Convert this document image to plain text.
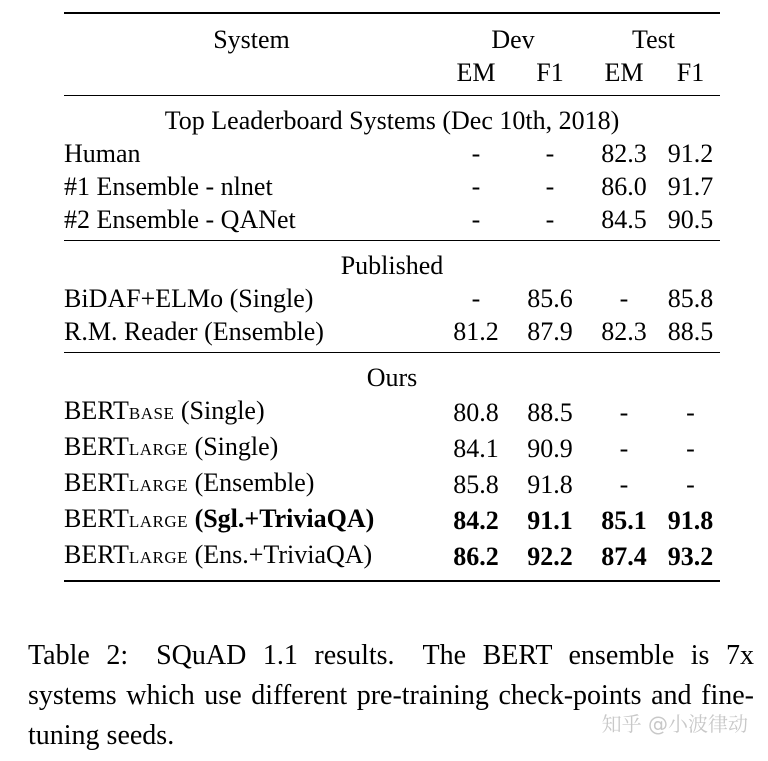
System	Dev		Test	
	EM	F1	EM	F1
Top Leaderboard Systems (Dec 10th, 2018)				
Human	-	-	82.3	91.2
#1 Ensemble - nlnet	-	-	86.0	91.7
#2 Ensemble - QANet	-	-	84.5	90.5
Published				
BiDAF+ELMo (Single)	-	85.6	-	85.8
R.M. Reader (Ensemble)	81.2	87.9	82.3	88.5
Ours				
BERTBASE (Single)	80.8	88.5	-	-
BERTLARGE (Single)	84.1	90.9	-	-
BERTLARGE (Ensemble)	85.8	91.8	-	-
BERTLARGE (Sgl.+TriviaQA)	84.2	91.1	85.1	91.8
BERTLARGE (Ens.+TriviaQA)	86.2	92.2	87.4	93.2
Table 2: SQuAD 1.1 results. The BERT ensemble is 7x systems which use different pre-training check-points and fine-tuning seeds.	知乎 @小波律动
